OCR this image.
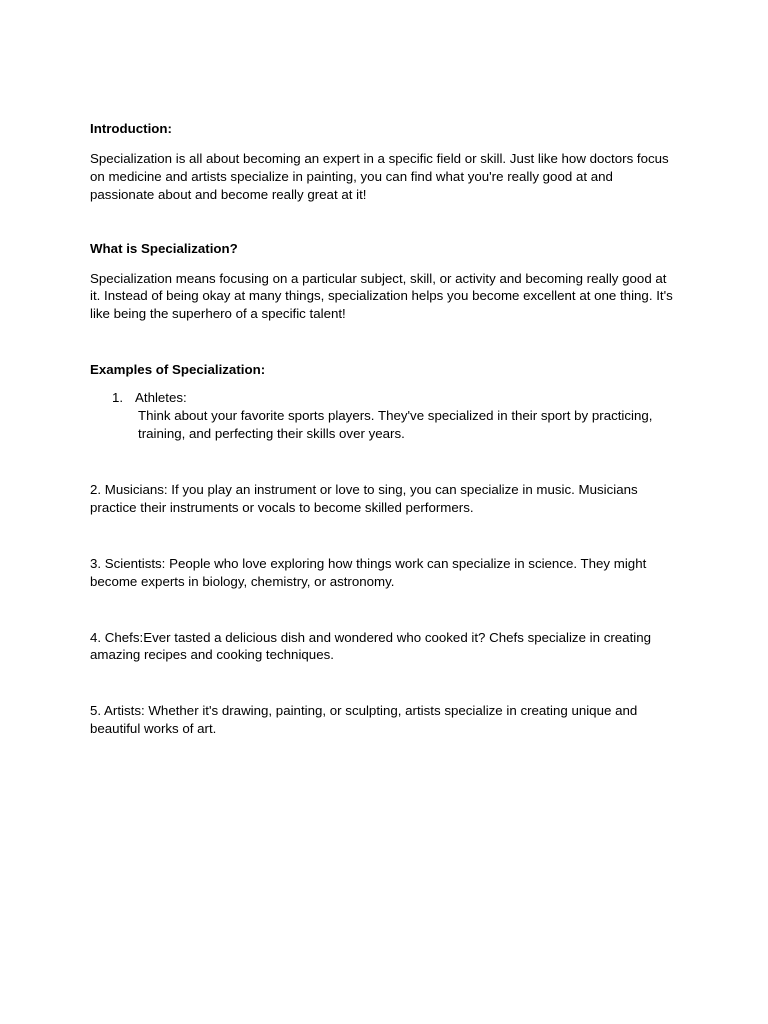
Introduction:

Specialization is all about becoming an expert in a specific field or skill. Just like how doctors focus on medicine and artists specialize in painting, you can find what you're really good at and passionate about and become really great at it!

What is Specialization?

Specialization means focusing on a particular subject, skill, or activity and becoming really good at it. Instead of being okay at many things, specialization helps you become excellent at one thing. It's like being the superhero of a specific talent!

Examples of Specialization:

1. Athletes:
Think about your favorite sports players. They've specialized in their sport by practicing, training, and perfecting their skills over years.

2. Musicians: If you play an instrument or love to sing, you can specialize in music. Musicians practice their instruments or vocals to become skilled performers.

3. Scientists: People who love exploring how things work can specialize in science. They might become experts in biology, chemistry, or astronomy.

4. Chefs:Ever tasted a delicious dish and wondered who cooked it? Chefs specialize in creating amazing recipes and cooking techniques.

5. Artists: Whether it's drawing, painting, or sculpting, artists specialize in creating unique and beautiful works of art.
